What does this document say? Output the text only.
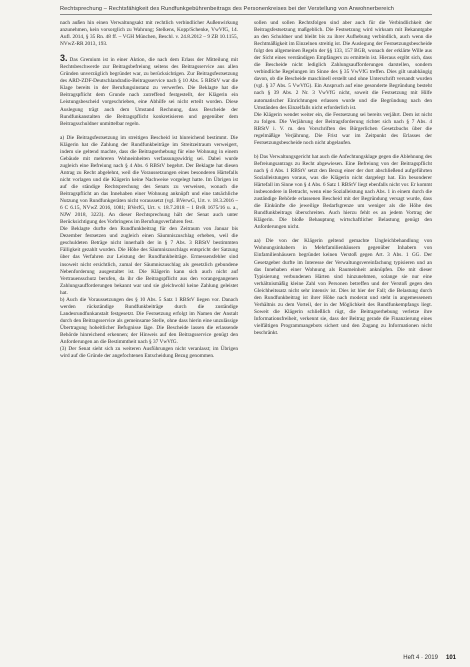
Rechtsprechung – Rechtsfähigkeit des Rundfunkgebührenbeitrags des Personenkreises bei der Verstellung von Anwohnerbereich

nach außen hin einen Verwaltungsakt mit rechtlich verbindlicher Außenwirkung anzunehmen, kein vorsorglich zu Wahrung; Stelkens, Kopp/Schenke, VwVfG, 14. Aufl. 2014, § 35 Rn. 48 ff. – VGH München, Beschl. v. 24.8.2012 – 9 ZB 10.1155, NVwZ-RR 2013, 193.

3. Das Gremium ist in einer Aktion, die nach dem Erlass der Mitteilung mit Rechtsbeschwerde zur Beitragsbefreiung seitens des Beitragsservice aus allen Gründen unverzüglich begründet war, zu berücksichtigen. Zur Beitragsfestsetzung des ARD-ZDF-Deutschlandradio-Beitragsservice nach § 10 Abs. 5 RBStV war die Klage bereits in der Berufungsinstanz zu verwerfen. Die Beklagte hat die Beitragspflicht dem Grunde nach zutreffend festgestellt, der Klägerin ein Leistungsbescheid vorgeschrieben, eine Abhilfe sei nicht erteilt worden. Diese Auslegung trägt auch dem Umstand Rechnung, dass Bescheide der Rundfunkanstalten die Beitragspflicht konkretisieren und gegenüber dem Beitragsschuldner unmittelbar regeln.

a) Die Beitragsfestsetzung im streitigen Bescheid ist hinreichend bestimmt. Die Klägerin hat die Zahlung der Rundfunkbeiträge im Streitzeitraum verweigert, indem sie geltend machte, dass die Beitragserhebung für eine Wohnung in einem Gebäude mit mehreren Wohneinheiten verfassungswidrig sei. Dabei wurde zugleich eine Befreiung nach § 4 Abs. 6 RBStV begehrt. Der Beklagte hat diesen Antrag zu Recht abgelehnt, weil die Voraussetzungen eines besonderen Härtefalls nicht vorlagen und die Klägerin keine Nachweise vorgelegt hatte. Im Übrigen ist auf die ständige Rechtsprechung des Senats zu verweisen, wonach die Beitragspflicht an das Innehaben einer Wohnung anknüpft und eine tatsächliche Nutzung von Rundfunkgeräten nicht voraussetzt (vgl. BVerwG, Urt. v. 18.3.2016 – 6 C 6.15, NVwZ 2016, 1081; BVerfG, Urt. v. 18.7.2018 – 1 BvR 1675/16 u. a., NJW 2018, 3223). An dieser Rechtsprechung hält der Senat auch unter Berücksichtigung des Vorbringens im Berufungsverfahren fest.

Die Beklagte durfte den Rundfunkbeitrag für den Zeitraum von Januar bis Dezember festsetzen und zugleich einen Säumniszuschlag erheben, weil die geschuldeten Beträge nicht innerhalb der in § 7 Abs. 3 RBStV bestimmten Fälligkeit gezahlt wurden. Die Höhe des Säumniszuschlags entspricht der Satzung über das Verfahren zur Leistung der Rundfunkbeiträge. Ermessensfehler sind insoweit nicht ersichtlich, zumal der Säumniszuschlag als gesetzlich gebundene Nebenforderung ausgestaltet ist. Die Klägerin kann sich auch nicht auf Vertrauensschutz berufen, da ihr die Beitragspflicht aus den vorangegangenen Zahlungsaufforderungen bekannt war und sie gleichwohl keine Zahlung geleistet hat.

b) Auch die Voraussetzungen des § 10 Abs. 5 Satz 1 RBStV liegen vor. Danach werden rückständige Rundfunkbeiträge durch die zuständige Landesrundfunkanstalt festgesetzt. Die Festsetzung erfolgt im Namen der Anstalt durch den Beitragsservice als gemeinsame Stelle, ohne dass hierin eine unzulässige Übertragung hoheitlicher Befugnisse läge. Die Bescheide lassen die erlassende Behörde hinreichend erkennen; der Hinweis auf den Beitragsservice genügt den Anforderungen an die Bestimmtheit nach § 37 VwVfG.

(3) Der Senat sieht sich zu weiteren Ausführungen nicht veranlasst; im Übrigen wird auf die Gründe der angefochtenen Entscheidung Bezug genommen.

sollen und sollen Rechtsfolgen sind aber auch für die Verbindlichkeit der Beitragsfestsetzung maßgeblich. Die Festsetzung wird wirksam mit Bekanntgabe an den Schuldner und bleibt bis zu ihrer Aufhebung verbindlich, auch wenn die Rechtmäßigkeit im Einzelnen streitig ist. Die Auslegung der Festsetzungsbescheide folgt den allgemeinen Regeln der §§ 133, 157 BGB, wonach der erklärte Wille aus der Sicht eines verständigen Empfängers zu ermitteln ist. Hieraus ergibt sich, dass die Bescheide nicht lediglich Zahlungsaufforderungen darstellen, sondern verbindliche Regelungen im Sinne des § 35 VwVfG treffen. Dies gilt unabhängig davon, ob die Bescheide maschinell erstellt und ohne Unterschrift versandt wurden (vgl. § 37 Abs. 5 VwVfG). Ein Anspruch auf eine gesonderte Begründung besteht nach § 39 Abs. 2 Nr. 3 VwVfG nicht, soweit die Festsetzung mit Hilfe automatischer Einrichtungen erlassen wurde und die Begründung nach den Umständen des Einzelfalls nicht erforderlich ist.

Die Klägerin wendet weiter ein, die Festsetzung sei bereits verjährt. Dem ist nicht zu folgen. Die Verjährung der Beitragsforderung richtet sich nach § 7 Abs. 4 RBStV i. V. m. den Vorschriften des Bürgerlichen Gesetzbuchs über die regelmäßige Verjährung. Die Frist war im Zeitpunkt des Erlasses der Festsetzungsbescheide noch nicht abgelaufen.

b) Das Verwaltungsgericht hat auch die Anfechtungsklage gegen die Ablehnung des Befreiungsantrags zu Recht abgewiesen. Eine Befreiung von der Beitragspflicht nach § 4 Abs. 1 RBStV setzt den Bezug einer der dort abschließend aufgeführten Sozialleistungen voraus, was die Klägerin nicht dargelegt hat. Ein besonderer Härtefall im Sinne von § 4 Abs. 6 Satz 1 RBStV liegt ebenfalls nicht vor. Er kommt insbesondere in Betracht, wenn eine Sozialleistung nach Abs. 1 in einem durch die zuständige Behörde erlassenen Bescheid mit der Begründung versagt wurde, dass die Einkünfte die jeweilige Bedarfsgrenze um weniger als die Höhe des Rundfunkbeitrags überschreiten. Auch hierzu fehlt es an jedem Vortrag der Klägerin. Die bloße Behauptung wirtschaftlicher Belastung genügt den Anforderungen nicht.

aa) Die von der Klägerin geltend gemachte Ungleichbehandlung von Wohnungsinhabern in Mehrfamilienhäusern gegenüber Inhabern von Einfamilienhäusern begründet keinen Verstoß gegen Art. 3 Abs. 1 GG. Der Gesetzgeber durfte im Interesse der Verwaltungsvereinfachung typisieren und an das Innehaben einer Wohnung als Raumeinheit anknüpfen. Die mit dieser Typisierung verbundenen Härten sind hinzunehmen, solange sie nur eine verhältnismäßig kleine Zahl von Personen betreffen und der Verstoß gegen den Gleichheitssatz nicht sehr intensiv ist. Dies ist hier der Fall; die Belastung durch den Rundfunkbeitrag ist ihrer Höhe nach moderat und steht in angemessenem Verhältnis zu dem Vorteil, der in der Möglichkeit des Rundfunkempfangs liegt. Soweit die Klägerin schließlich rügt, die Beitragserhebung verletze ihre Informationsfreiheit, verkennt sie, dass der Beitrag gerade die Finanzierung eines vielfältigen Programmangebots sichert und den Zugang zu Informationen nicht beschränkt.

Heft 4 · 2019 101
